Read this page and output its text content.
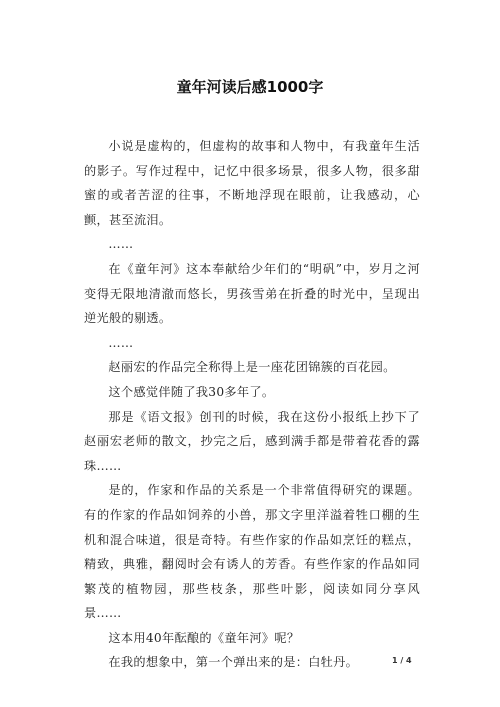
童年河读后感1000字

小说是虚构的，但虚构的故事和人物中，有我童年生活的影子。写作过程中，记忆中很多场景，很多人物，很多甜蜜的或者苦涩的往事，不断地浮现在眼前，让我感动，心颤，甚至流泪。

……

在《童年河》这本奉献给少年们的“明矾”中，岁月之河变得无限地清澈而悠长，男孩雪弟在折叠的时光中，呈现出逆光般的剔透。

……

赵丽宏的作品完全称得上是一座花团锦簇的百花园。

这个感觉伴随了我30多年了。

那是《语文报》创刊的时候，我在这份小报纸上抄下了赵丽宏老师的散文，抄完之后，感到满手都是带着花香的露珠……

是的，作家和作品的关系是一个非常值得研究的课题。有的作家的作品如饲养的小兽，那文字里洋溢着牲口棚的生机和混合味道，很是奇特。有些作家的作品如烹饪的糕点，精致，典雅，翻阅时会有诱人的芳香。有些作家的作品如同繁茂的植物园，那些枝条，那些叶影，阅读如同分享风景……

这本用40年酝酿的《童年河》呢？

在我的想象中，第一个弹出来的是：白牡丹。	1 / 4
